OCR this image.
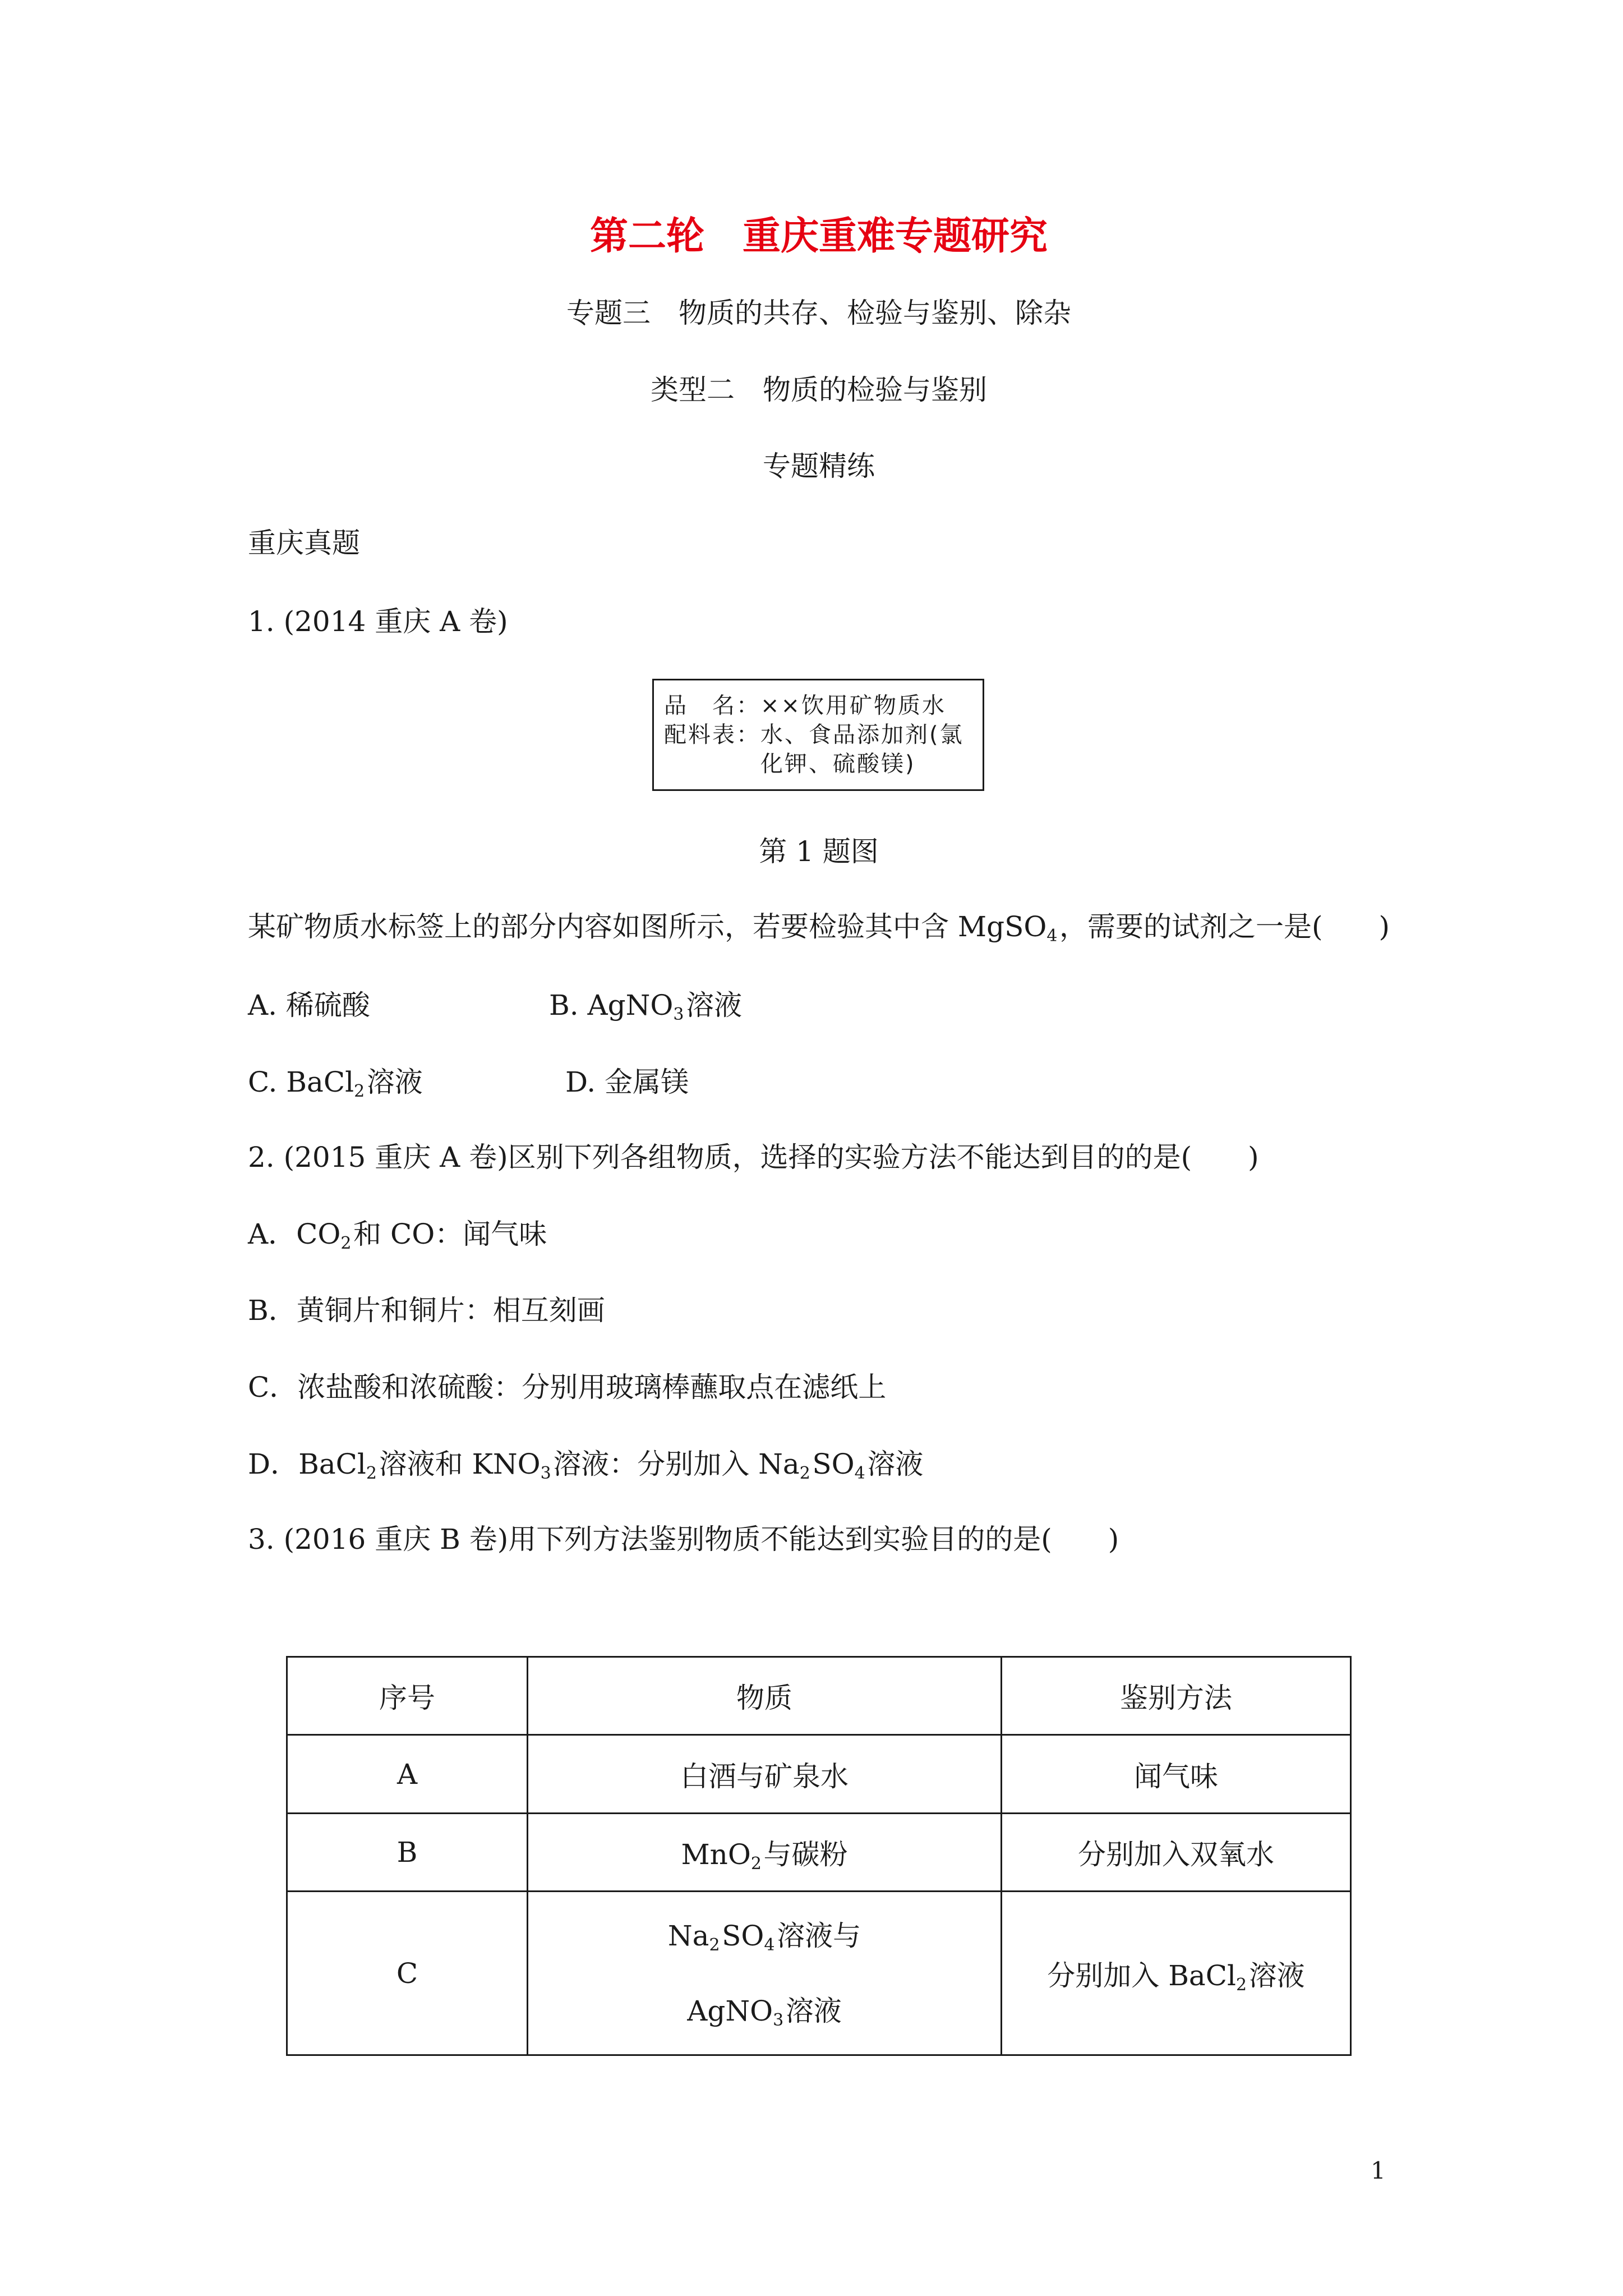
第二轮　重庆重难专题研究
专题三　物质的共存、检验与鉴别、除杂
类型二　物质的检验与鉴别
专题精练
重庆真题
1. (2014 重庆 A 卷)
品　名： ××饮用矿物质水
配料表： 水、食品添加剂(氯
化钾、硫酸镁)
第 1 题图
某矿物质水标签上的部分内容如图所示，若要检验其中含 MgSO$_4$，需要的试剂之一是(　　)
A. 稀硫酸	B. AgNO$_3$溶液
C. BaCl$_2$溶液	D. 金属镁
2. (2015 重庆 A 卷)区别下列各组物质，选择的实验方法不能达到目的的是(　　)
A．$CO_2$和 CO：闻气味
B．黄铜片和铜片：相互刻画
C．浓盐酸和浓硫酸：分别用玻璃棒蘸取点在滤纸上
D．BaCl$_2$溶液和 $KNO_3$溶液：分别加入 $Na_2SO_4$溶液
3. (2016 重庆 B 卷)用下列方法鉴别物质不能达到实验目的的是(　　)
序号	物质	鉴别方法
A	白酒与矿泉水	闻气味
B	MnO$_2$与碳粉	分别加入双氧水
C	$Na_2SO_4$溶液与
AgNO$_3$溶液	分别加入 BaCl$_2$溶液
1
